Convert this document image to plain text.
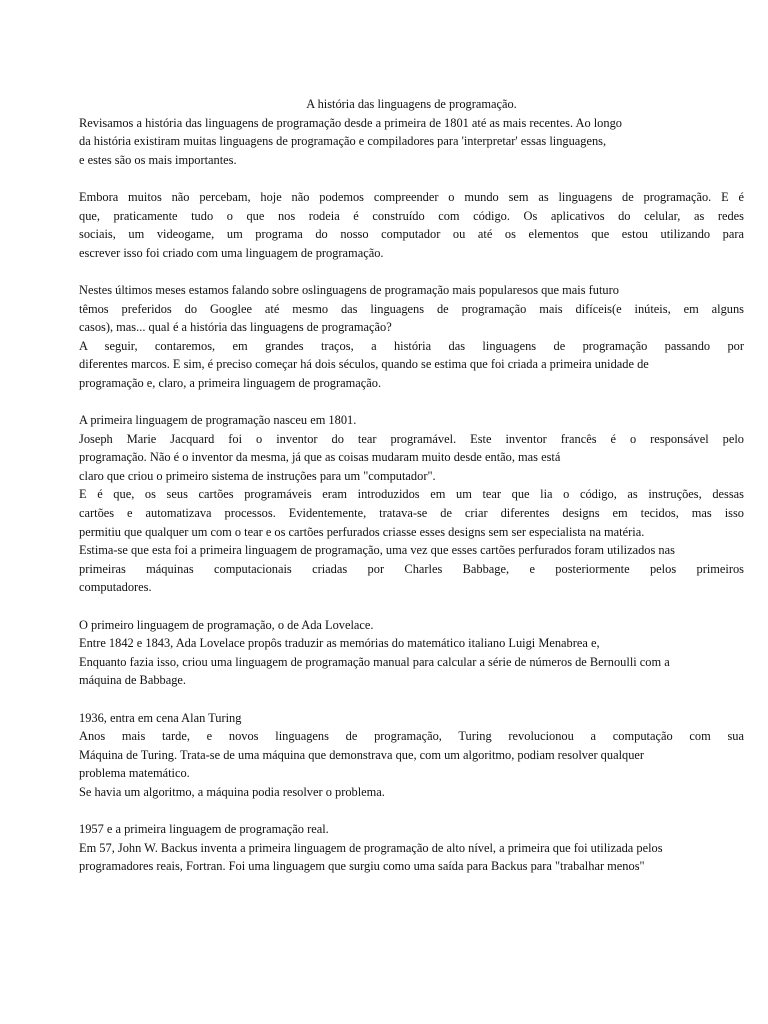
A história das linguagens de programação.
Revisamos a história das linguagens de programação desde a primeira de 1801 até as mais recentes. Ao longo
da história existiram muitas linguagens de programação e compiladores para 'interpretar' essas linguagens,
e estes são os mais importantes.
Embora muitos não percebam, hoje não podemos compreender o mundo sem as linguagens de programação. E é
que, praticamente tudo o que nos rodeia é construído com código. Os aplicativos do celular, as redes
sociais, um videogame, um programa do nosso computador ou até os elementos que estou utilizando para
escrever isso foi criado com uma linguagem de programação.
Nestes últimos meses estamos falando sobre oslinguagens de programação mais popularesos que mais futuro
têmos preferidos do Googlee até mesmo das linguagens de programação mais difíceis(e inúteis, em alguns
casos), mas... qual é a história das linguagens de programação?
A seguir, contaremos, em grandes traços, a história das linguagens de programação passando por
diferentes marcos. E sim, é preciso começar há dois séculos, quando se estima que foi criada a primeira unidade de
programação e, claro, a primeira linguagem de programação.
A primeira linguagem de programação nasceu em 1801.
Joseph Marie Jacquard foi o inventor do tear programável. Este inventor francês é o responsável pelo
programação. Não é o inventor da mesma, já que as coisas mudaram muito desde então, mas está
claro que criou o primeiro sistema de instruções para um "computador".
E é que, os seus cartões programáveis eram introduzidos em um tear que lia o código, as instruções, dessas
cartões e automatizava processos. Evidentemente, tratava-se de criar diferentes designs em tecidos, mas isso
permitiu que qualquer um com o tear e os cartões perfurados criasse esses designs sem ser especialista na matéria.
Estima-se que esta foi a primeira linguagem de programação, uma vez que esses cartões perfurados foram utilizados nas
primeiras máquinas computacionais criadas por Charles Babbage, e posteriormente pelos primeiros
computadores.
O primeiro linguagem de programação, o de Ada Lovelace.
Entre 1842 e 1843, Ada Lovelace propôs traduzir as memórias do matemático italiano Luigi Menabrea e,
Enquanto fazia isso, criou uma linguagem de programação manual para calcular a série de números de Bernoulli com a
máquina de Babbage.
1936, entra em cena Alan Turing
Anos mais tarde, e novos linguagens de programação, Turing revolucionou a computação com sua
Máquina de Turing. Trata-se de uma máquina que demonstrava que, com um algoritmo, podiam resolver qualquer
problema matemático.
Se havia um algoritmo, a máquina podia resolver o problema.
1957 e a primeira linguagem de programação real.
Em 57, John W. Backus inventa a primeira linguagem de programação de alto nível, a primeira que foi utilizada pelos
programadores reais, Fortran. Foi uma linguagem que surgiu como uma saída para Backus para "trabalhar menos"
